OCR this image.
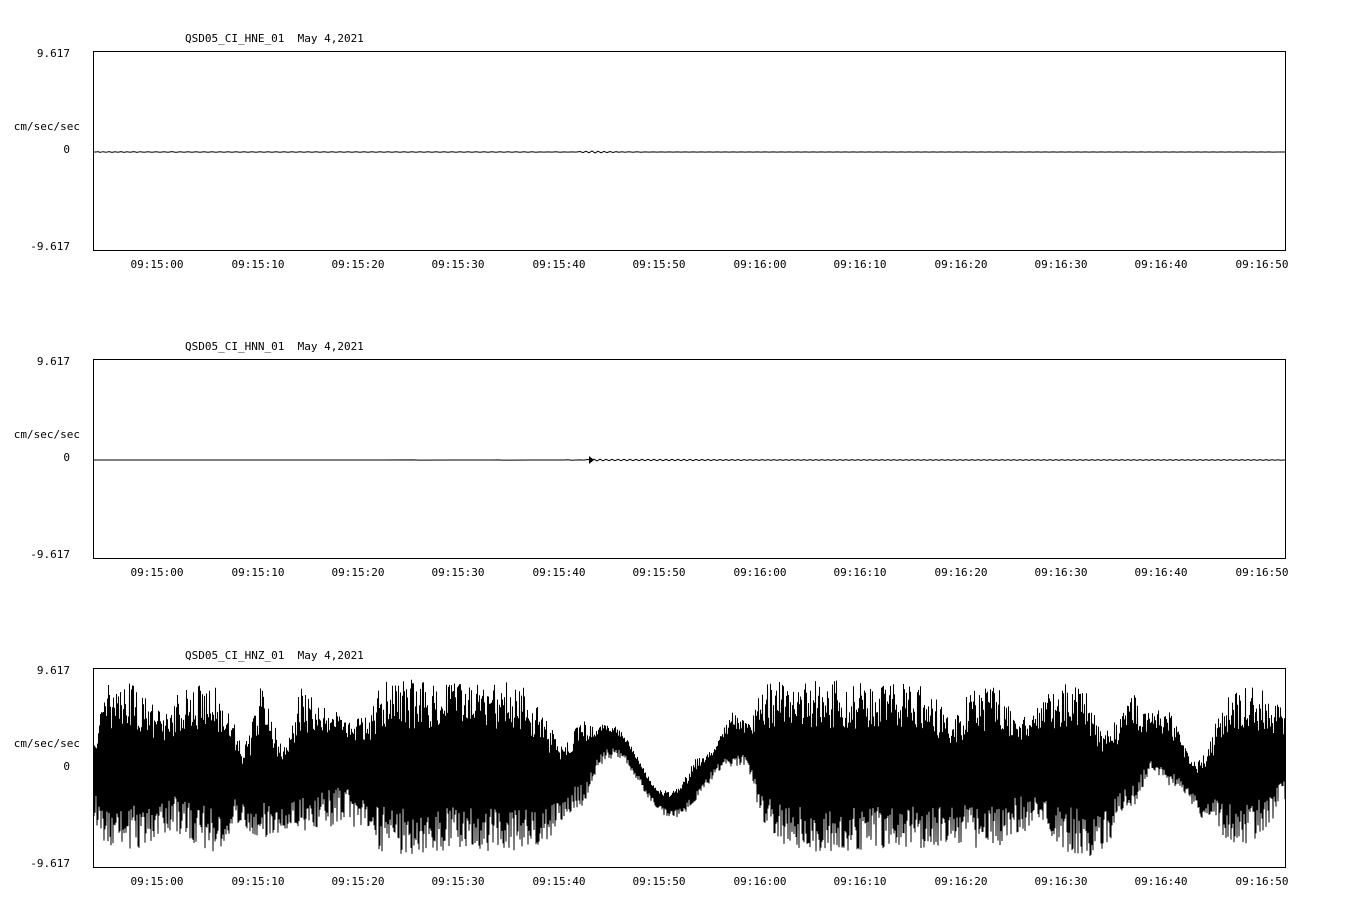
QSD05_CI_HNE_01  May 4,2021
9.617
cm/sec/sec
0
-9.617
09:15:00	09:15:10	09:15:20	09:15:30	09:15:40	09:15:50	09:16:00	09:16:10	09:16:20	09:16:30	09:16:40	09:16:50
QSD05_CI_HNN_01  May 4,2021
9.617
cm/sec/sec
0
-9.617
09:15:00	09:15:10	09:15:20	09:15:30	09:15:40	09:15:50	09:16:00	09:16:10	09:16:20	09:16:30	09:16:40	09:16:50
QSD05_CI_HNZ_01  May 4,2021
9.617
cm/sec/sec
0
-9.617
09:15:00	09:15:10	09:15:20	09:15:30	09:15:40	09:15:50	09:16:00	09:16:10	09:16:20	09:16:30	09:16:40	09:16:50
